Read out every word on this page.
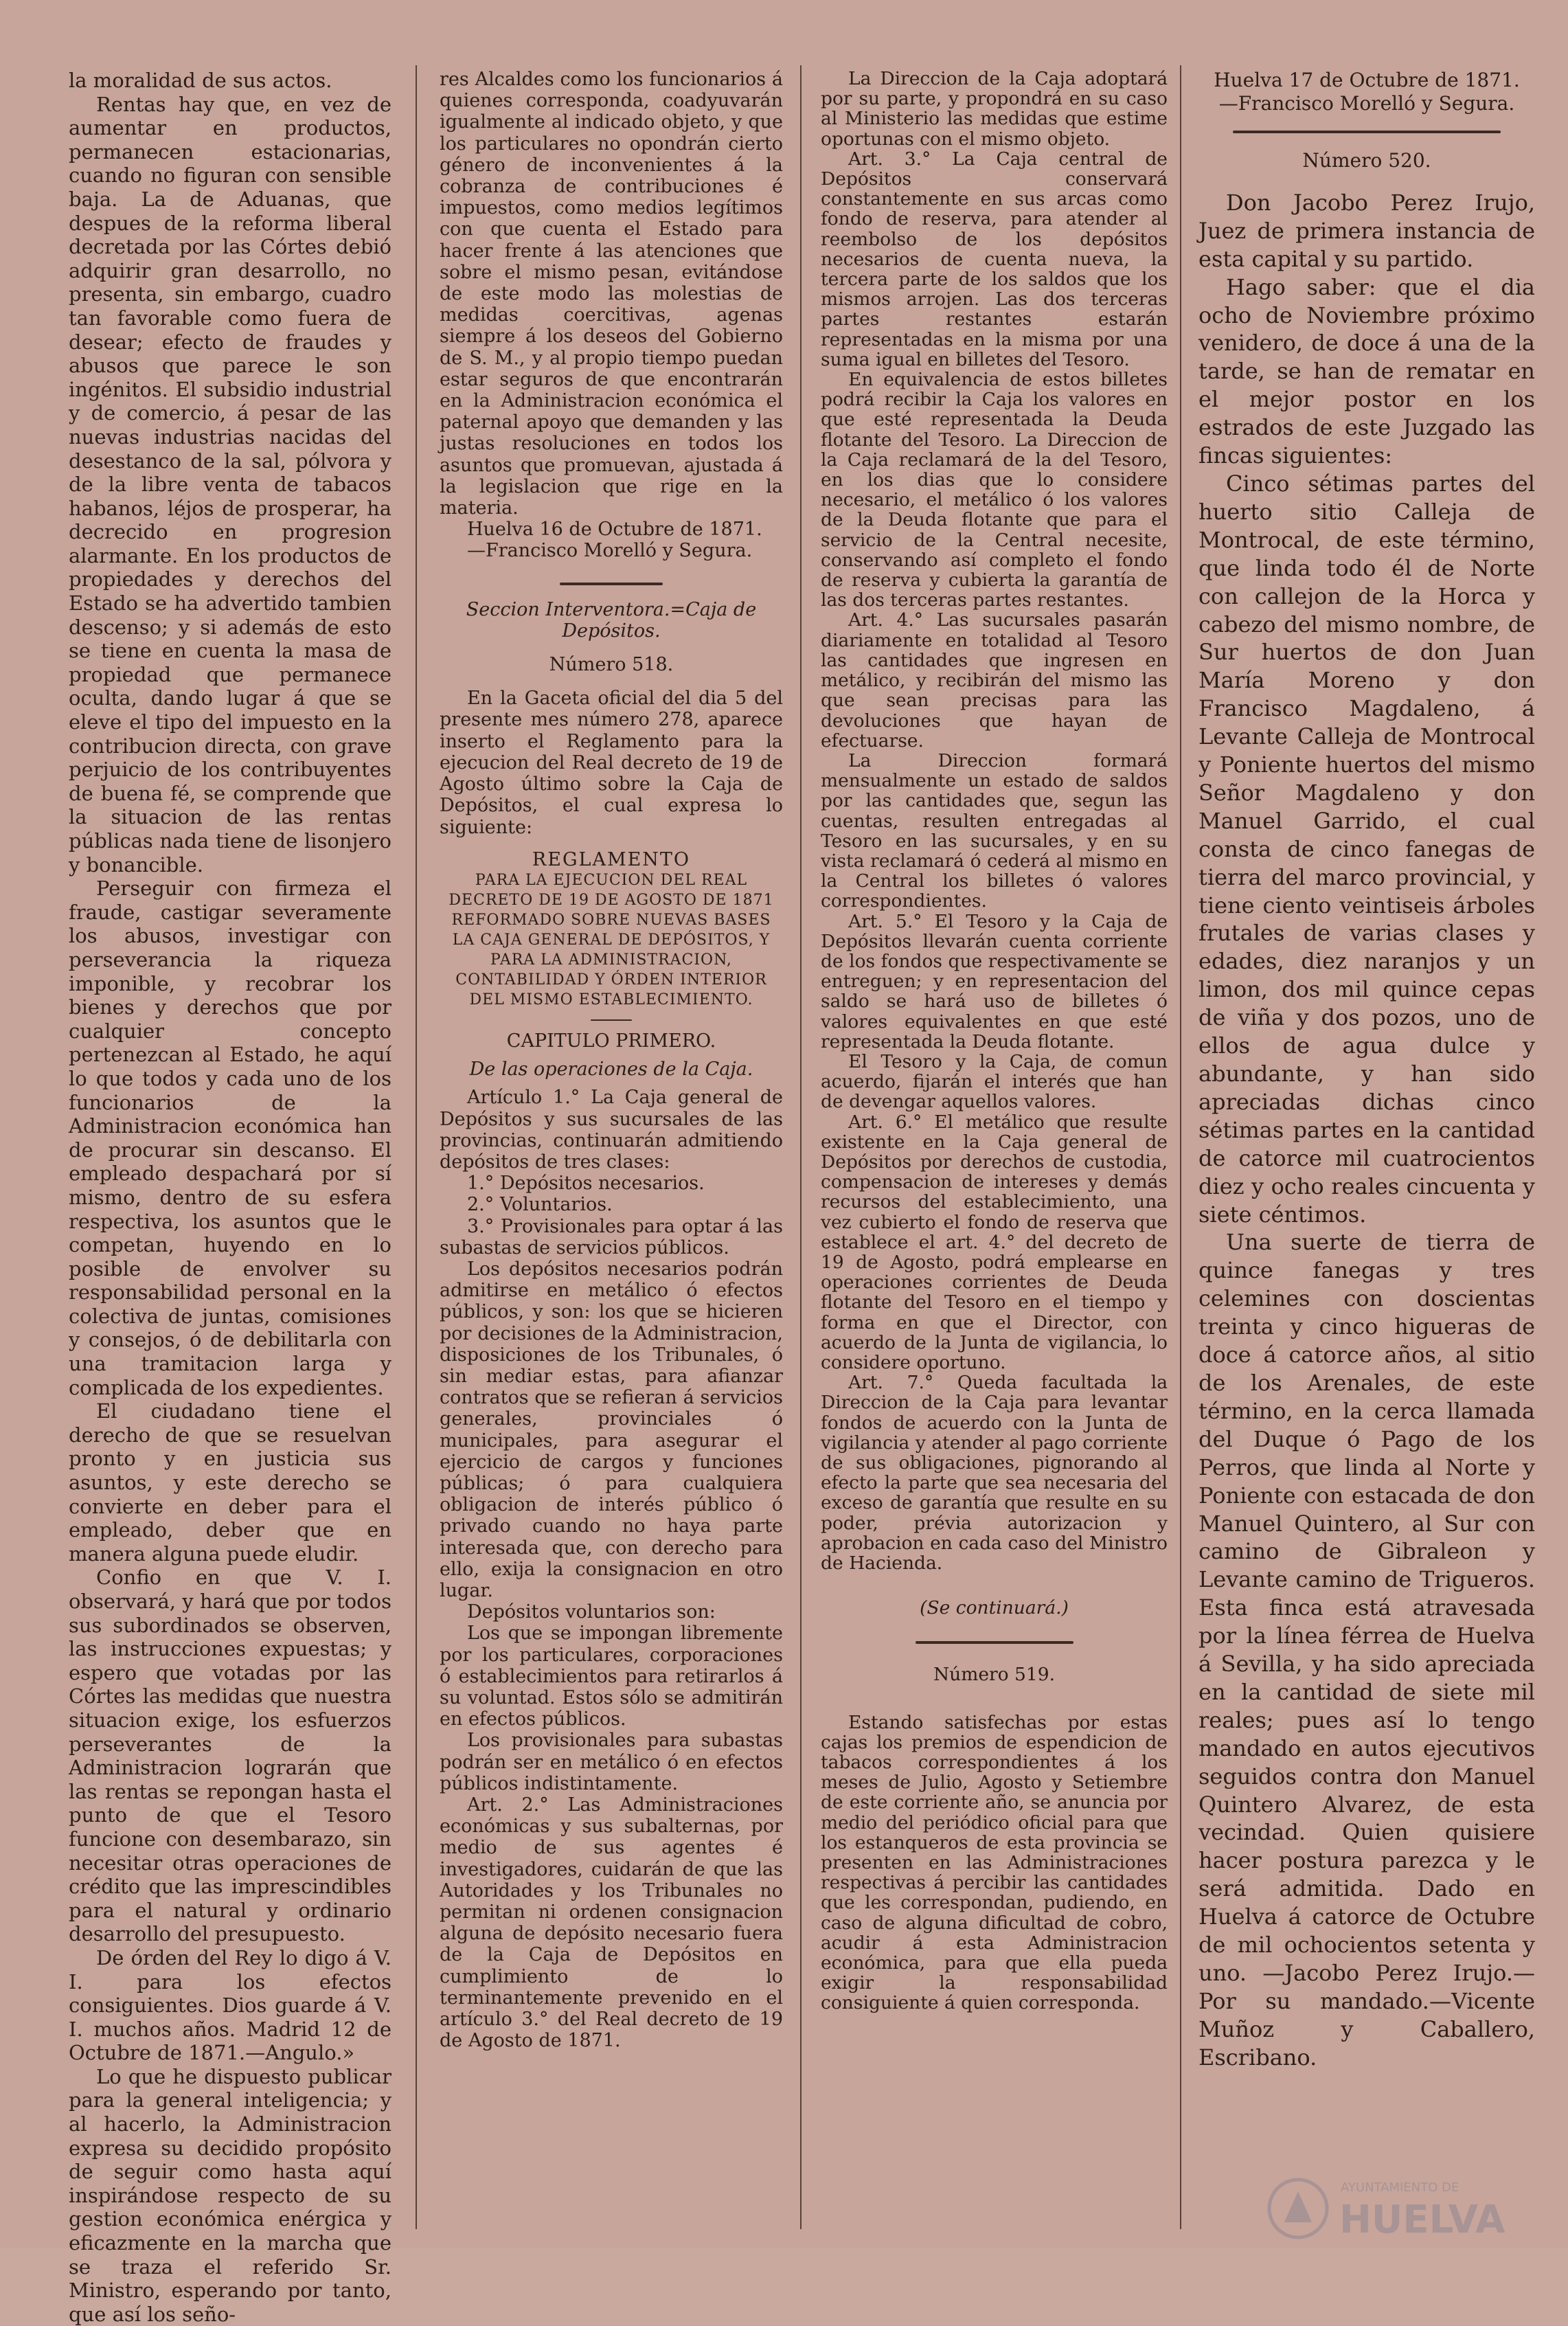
la moralidad de sus actos.

Rentas hay que, en vez de aumentar en productos, permanecen estacionarias, cuando no figuran con sensible baja. La de Aduanas, que despues de la reforma liberal decretada por las Córtes debió adquirir gran desarrollo, no presenta, sin embargo, cuadro tan favorable como fuera de desear; efecto de fraudes y abusos que parece le son ingénitos. El subsidio industrial y de comercio, á pesar de las nuevas industrias nacidas del desestanco de la sal, pólvora y de la libre venta de tabacos habanos, léjos de prosperar, ha decrecido en progresion alarmante. En los productos de propiedades y derechos del Estado se ha advertido tambien descenso; y si además de esto se tiene en cuenta la masa de propiedad que permanece oculta, dando lugar á que se eleve el tipo del impuesto en la contribucion directa, con grave perjuicio de los contribuyentes de buena fé, se comprende que la situacion de las rentas públicas nada tiene de lisonjero y bonancible.

Perseguir con firmeza el fraude, castigar severamente los abusos, investigar con perseverancia la riqueza imponible, y recobrar los bienes y derechos que por cualquier concepto pertenezcan al Estado, he aquí lo que todos y cada uno de los funcionarios de la Administracion económica han de procurar sin descanso. El empleado despachará por sí mismo, dentro de su esfera respectiva, los asuntos que le competan, huyendo en lo posible de envolver su responsabilidad personal en la colectiva de juntas, comisiones y consejos, ó de debilitarla con una tramitacion larga y complicada de los expedientes.

El ciudadano tiene el derecho de que se resuelvan pronto y en justicia sus asuntos, y este derecho se convierte en deber para el empleado, deber que en manera alguna puede eludir.

Confio en que V. I. observará, y hará que por todos sus subordinados se observen, las instrucciones expuestas; y espero que votadas por las Córtes las medidas que nuestra situacion exige, los esfuerzos perseverantes de la Administracion lograrán que las rentas se repongan hasta el punto de que el Tesoro funcione con desembarazo, sin necesitar otras operaciones de crédito que las imprescindibles para el natural y ordinario desarrollo del presupuesto.

De órden del Rey lo digo á V. I. para los efectos consiguientes. Dios guarde á V. I. muchos años. Madrid 12 de Octubre de 1871.—Angulo.»

Lo que he dispuesto publicar para la general inteligencia; y al hacerlo, la Administracion expresa su decidido propósito de seguir como hasta aquí inspirándose respecto de su gestion económica enérgica y eficazmente en la marcha que se traza el referido Sr. Ministro, esperando por tanto, que así los seño-

res Alcaldes como los funcionarios á quienes corresponda, coadyuvarán igualmente al indicado objeto, y que los particulares no opondrán cierto género de inconvenientes á la cobranza de contribuciones é impuestos, como medios legítimos con que cuenta el Estado para hacer frente á las atenciones que sobre el mismo pesan, evitándose de este modo las molestias de medidas coercitivas, agenas siempre á los deseos del Gobierno de S. M., y al propio tiempo puedan estar seguros de que encontrarán en la Administracion económica el paternal apoyo que demanden y las justas resoluciones en todos los asuntos que promuevan, ajustada á la legislacion que rige en la materia.

Huelva 16 de Octubre de 1871.

—Francisco Morelló y Segura.

Seccion Interventora.=Caja de Depósitos.

Número 518.

En la Gaceta oficial del dia 5 del presente mes número 278, aparece inserto el Reglamento para la ejecucion del Real decreto de 19 de Agosto último sobre la Caja de Depósitos, el cual expresa lo siguiente:

REGLAMENTO

PARA LA EJECUCION DEL REAL DECRETO DE 19 DE AGOSTO DE 1871 REFORMADO SOBRE NUEVAS BASES LA CAJA GENERAL DE DEPÓSITOS, Y PARA LA ADMINISTRACION, CONTABILIDAD Y ÓRDEN INTERIOR DEL MISMO ESTABLECIMIENTO.

CAPITULO PRIMERO.

De las operaciones de la Caja.

Artículo 1.° La Caja general de Depósitos y sus sucursales de las provincias, continuarán admitiendo depósitos de tres clases:

1.° Depósitos necesarios.

2.° Voluntarios.

3.° Provisionales para optar á las subastas de servicios públicos.

Los depósitos necesarios podrán admitirse en metálico ó efectos públicos, y son: los que se hicieren por decisiones de la Administracion, disposiciones de los Tribunales, ó sin mediar estas, para afianzar contratos que se refieran á servicios generales, provinciales ó municipales, para asegurar el ejercicio de cargos y funciones públicas; ó para cualquiera obligacion de interés público ó privado cuando no haya parte interesada que, con derecho para ello, exija la consignacion en otro lugar.

Depósitos voluntarios son:

Los que se impongan libremente por los particulares, corporaciones ó establecimientos para retirarlos á su voluntad. Estos sólo se admitirán en efectos públicos.

Los provisionales para subastas podrán ser en metálico ó en efectos públicos indistintamente.

Art. 2.° Las Administraciones económicas y sus subalternas, por medio de sus agentes é investigadores, cuidarán de que las Autoridades y los Tribunales no permitan ni ordenen consignacion alguna de depósito necesario fuera de la Caja de Depósitos en cumplimiento de lo terminantemente prevenido en el artículo 3.° del Real decreto de 19 de Agosto de 1871.

La Direccion de la Caja adoptará por su parte, y propondrá en su caso al Ministerio las medidas que estime oportunas con el mismo objeto.

Art. 3.° La Caja central de Depósitos conservará constantemente en sus arcas como fondo de reserva, para atender al reembolso de los depósitos necesarios de cuenta nueva, la tercera parte de los saldos que los mismos arrojen. Las dos terceras partes restantes estarán representadas en la misma por una suma igual en billetes del Tesoro.

En equivalencia de estos billetes podrá recibir la Caja los valores en que esté representada la Deuda flotante del Tesoro. La Direccion de la Caja reclamará de la del Tesoro, en los dias que lo considere necesario, el metálico ó los valores de la Deuda flotante que para el servicio de la Central necesite, conservando así completo el fondo de reserva y cubierta la garantía de las dos terceras partes restantes.

Art. 4.° Las sucursales pasarán diariamente en totalidad al Tesoro las cantidades que ingresen en metálico, y recibirán del mismo las que sean precisas para las devoluciones que hayan de efectuarse.

La Direccion formará mensualmente un estado de saldos por las cantidades que, segun las cuentas, resulten entregadas al Tesoro en las sucursales, y en su vista reclamará ó cederá al mismo en la Central los billetes ó valores correspondientes.

Art. 5.° El Tesoro y la Caja de Depósitos llevarán cuenta corriente de los fondos que respectivamente se entreguen; y en representacion del saldo se hará uso de billetes ó valores equivalentes en que esté representada la Deuda flotante.

El Tesoro y la Caja, de comun acuerdo, fijarán el interés que han de devengar aquellos valores.

Art. 6.° El metálico que resulte existente en la Caja general de Depósitos por derechos de custodia, compensacion de intereses y demás recursos del establecimiento, una vez cubierto el fondo de reserva que establece el art. 4.° del decreto de 19 de Agosto, podrá emplearse en operaciones corrientes de Deuda flotante del Tesoro en el tiempo y forma en que el Director, con acuerdo de la Junta de vigilancia, lo considere oportuno.

Art. 7.° Queda facultada la Direccion de la Caja para levantar fondos de acuerdo con la Junta de vigilancia y atender al pago corriente de sus obligaciones, pignorando al efecto la parte que sea necesaria del exceso de garantía que resulte en su poder, prévia autorizacion y aprobacion en cada caso del Ministro de Hacienda.

(Se continuará.)

Número 519.

Estando satisfechas por estas cajas los premios de espendicion de tabacos correspondientes á los meses de Julio, Agosto y Setiembre de este corriente año, se anuncia por medio del periódico oficial para que los estanqueros de esta provincia se presenten en las Administraciones respectivas á percibir las cantidades que les correspondan, pudiendo, en caso de alguna dificultad de cobro, acudir á esta Administracion económica, para que ella pueda exigir la responsabilidad consiguiente á quien corresponda.

Huelva 17 de Octubre de 1871.

—Francisco Morelló y Segura.

Número 520.

Don Jacobo Perez Irujo, Juez de primera instancia de esta capital y su partido.

Hago saber: que el dia ocho de Noviembre próximo venidero, de doce á una de la tarde, se han de rematar en el mejor postor en los estrados de este Juzgado las fincas siguientes:

Cinco sétimas partes del huerto sitio Calleja de Montrocal, de este término, que linda todo él de Norte con callejon de la Horca y cabezo del mismo nombre, de Sur huertos de don Juan María Moreno y don Francisco Magdaleno, á Levante Calleja de Montrocal y Poniente huertos del mismo Señor Magdaleno y don Manuel Garrido, el cual consta de cinco fanegas de tierra del marco provincial, y tiene ciento veintiseis árboles frutales de varias clases y edades, diez naranjos y un limon, dos mil quince cepas de viña y dos pozos, uno de ellos de agua dulce y abundante, y han sido apreciadas dichas cinco sétimas partes en la cantidad de catorce mil cuatrocientos diez y ocho reales cincuenta y siete céntimos.

Una suerte de tierra de quince fanegas y tres celemines con doscientas treinta y cinco higueras de doce á catorce años, al sitio de los Arenales, de este término, en la cerca llamada del Duque ó Pago de los Perros, que linda al Norte y Poniente con estacada de don Manuel Quintero, al Sur con camino de Gibraleon y Levante camino de Trigueros. Esta finca está atravesada por la línea férrea de Huelva á Sevilla, y ha sido apreciada en la cantidad de siete mil reales; pues así lo tengo mandado en autos ejecutivos seguidos contra don Manuel Quintero Alvarez, de esta vecindad. Quien quisiere hacer postura parezca y le será admitida. Dado en Huelva á catorce de Octubre de mil ochocientos setenta y uno. —Jacobo Perez Irujo.—Por su mandado.—Vicente Muñoz y Caballero, Escribano.

HUELVA
AYUNTAMIENTO DE
